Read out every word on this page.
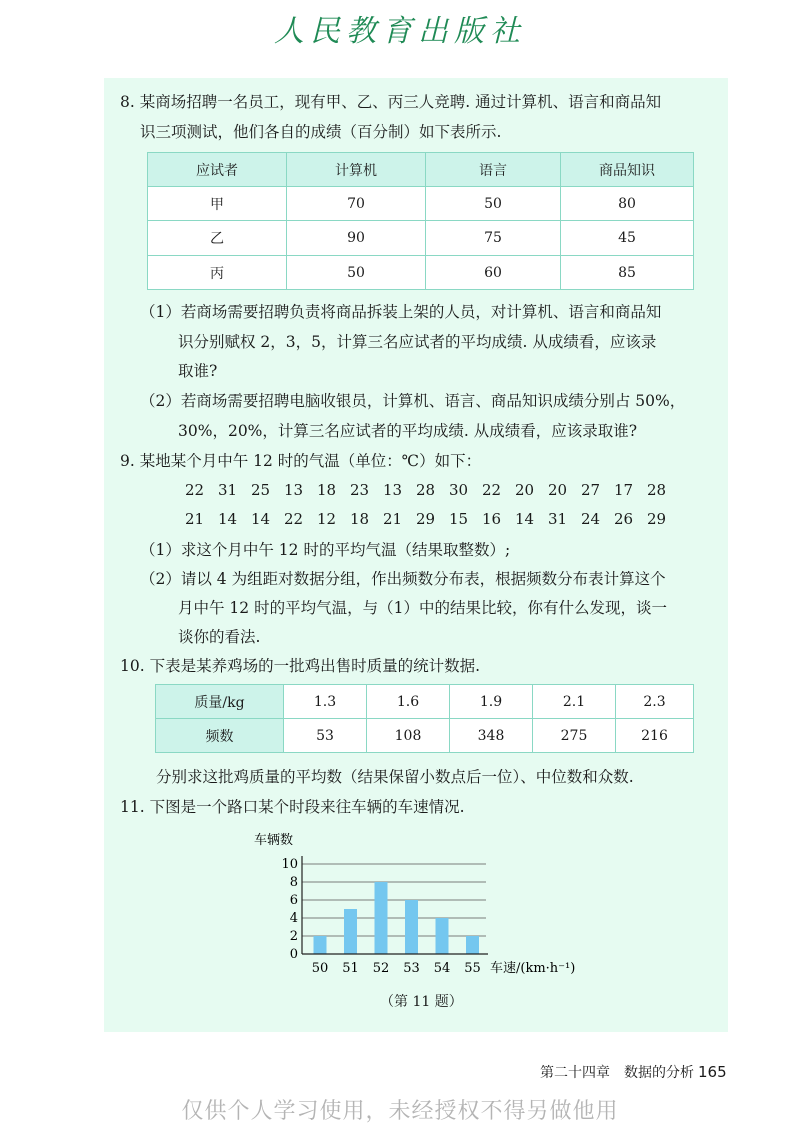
人民教育出版社
8. 某商场招聘一名员工，现有甲、乙、丙三人竞聘. 通过计算机、语言和商品知
识三项测试，他们各自的成绩（百分制）如下表所示.
应试者	计算机	语言	商品知识
甲	70	50	80
乙	90	75	45
丙	50	60	85
（1）若商场需要招聘负责将商品拆装上架的人员，对计算机、语言和商品知
识分别赋权 2，3，5，计算三名应试者的平均成绩. 从成绩看，应该录
取谁?
（2）若商场需要招聘电脑收银员，计算机、语言、商品知识成绩分别占 50%，
30%，20%，计算三名应试者的平均成绩. 从成绩看，应该录取谁?
9. 某地某个月中午 12 时的气温（单位：℃）如下：
22 31 25 13 18 23 13 28 30 22 20 20 27 17 28
21 14 14 22 12 18 21 29 15 16 14 31 24 26 29
（1）求这个月中午 12 时的平均气温（结果取整数）;
（2）请以 4 为组距对数据分组，作出频数分布表，根据频数分布表计算这个
月中午 12 时的平均气温，与（1）中的结果比较，你有什么发现，谈一
谈你的看法.
10. 下表是某养鸡场的一批鸡出售时质量的统计数据.
质量/kg	1.3	1.6	1.9	2.1	2.3
频数	53	108	348	275	216
分别求这批鸡质量的平均数（结果保留小数点后一位）、中位数和众数.
11. 下图是一个路口某个时段来往车辆的车速情况.
车辆数
车速/(km·h⁻¹)
0
2
4
6
8
10
50 51 52 53 54 55
（第 11 题）
第二十四章　数据的分析 165
仅供个人学习使用，未经授权不得另做他用
